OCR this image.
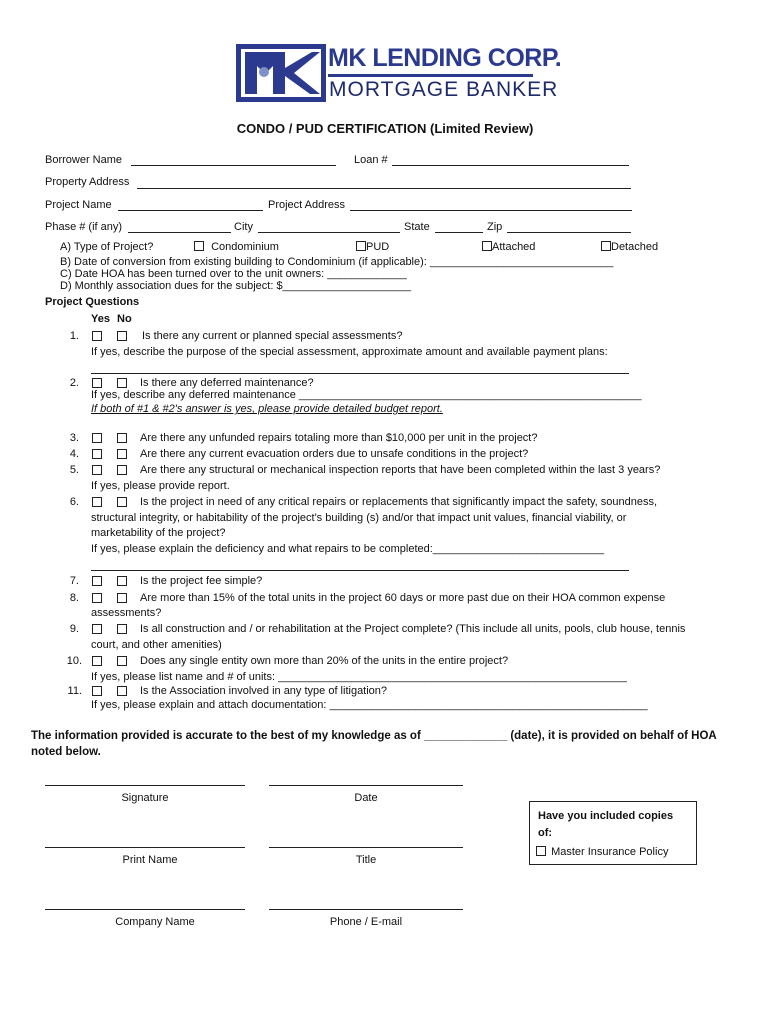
MK LENDING CORP.
MORTGAGE BANKER
CONDO / PUD CERTIFICATION (Limited Review)
Borrower Name	Loan #
Property Address
Project Name	Project Address
Phase # (if any)	City	State	Zip
A) Type of Project?	Condominium	PUD	Attached	Detached
B) Date of conversion from existing building to Condominium (if applicable): ______________________________
C) Date HOA has been turned over to the unit owners: _____________
D) Monthly association dues for the subject: $_____________________
Project Questions
Yes No
1.	Is there any current or planned special assessments?
If yes, describe the purpose of the special assessment, approximate amount and available payment plans:
2.	Is there any deferred maintenance?
If yes, describe any deferred maintenance ________________________________________________________
If both of #1 & #2's answer is yes, please provide detailed budget report.
3.	Are there any unfunded repairs totaling more than $10,000 per unit in the project?
4.	Are there any current evacuation orders due to unsafe conditions in the project?
5.	Are there any structural or mechanical inspection reports that have been completed within the last 3 years?
If yes, please provide report.
6.	Is the project in need of any critical repairs or replacements that significantly impact the safety, soundness,
structural integrity, or habitability of the project's building (s) and/or that impact unit values, financial viability, or
marketability of the project?
If yes, please explain the deficiency and what repairs to be completed:____________________________
7.	Is the project fee simple?
8.	Are more than 15% of the total units in the project 60 days or more past due on their HOA common expense
assessments?
9.	Is all construction and / or rehabilitation at the Project complete? (This include all units, pools, club house, tennis
court, and other amenities)
10.	Does any single entity own more than 20% of the units in the entire project?
If yes, please list name and # of units: _________________________________________________________
11.	Is the Association involved in any type of litigation?
If yes, please explain and attach documentation: ____________________________________________________
The information provided is accurate to the best of my knowledge as of _____________ (date), it is provided on behalf of HOA
noted below.
Signature	Date
Print Name	Title
Company Name	Phone / E-mail
Have you included copies of:
Master Insurance Policy
